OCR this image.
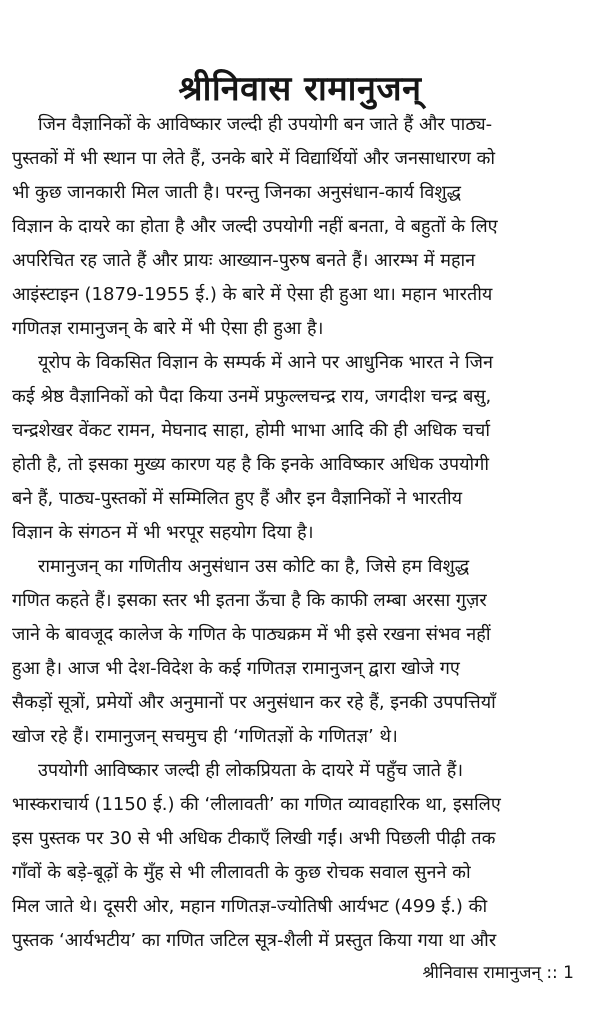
श्रीनिवास रामानुजन्
जिन वैज्ञानिकों के आविष्कार जल्दी ही उपयोगी बन जाते हैं और पाठ्य-
पुस्तकों में भी स्थान पा लेते हैं, उनके बारे में विद्यार्थियों और जनसाधारण को
भी कुछ जानकारी मिल जाती है। परन्तु जिनका अनुसंधान-कार्य विशुद्ध
विज्ञान के दायरे का होता है और जल्दी उपयोगी नहीं बनता, वे बहुतों के लिए
अपरिचित रह जाते हैं और प्रायः आख्यान-पुरुष बनते हैं। आरम्भ में महान
आइंस्टाइन (1879-1955 ई.) के बारे में ऐसा ही हुआ था। महान भारतीय
गणितज्ञ रामानुजन् के बारे में भी ऐसा ही हुआ है।
यूरोप के विकसित विज्ञान के सम्पर्क में आने पर आधुनिक भारत ने जिन
कई श्रेष्ठ वैज्ञानिकों को पैदा किया उनमें प्रफुल्लचन्द्र राय, जगदीश चन्द्र बसु,
चन्द्रशेखर वेंकट रामन, मेघनाद साहा, होमी भाभा आदि की ही अधिक चर्चा
होती है, तो इसका मुख्य कारण यह है कि इनके आविष्कार अधिक उपयोगी
बने हैं, पाठ्य-पुस्तकों में सम्मिलित हुए हैं और इन वैज्ञानिकों ने भारतीय
विज्ञान के संगठन में भी भरपूर सहयोग दिया है।
रामानुजन् का गणितीय अनुसंधान उस कोटि का है, जिसे हम विशुद्ध
गणित कहते हैं। इसका स्तर भी इतना ऊँचा है कि काफी लम्बा अरसा गुज़र
जाने के बावजूद कालेज के गणित के पाठ्यक्रम में भी इसे रखना संभव नहीं
हुआ है। आज भी देश-विदेश के कई गणितज्ञ रामानुजन् द्वारा खोजे गए
सैकड़ों सूत्रों, प्रमेयों और अनुमानों पर अनुसंधान कर रहे हैं, इनकी उपपत्तियाँ
खोज रहे हैं। रामानुजन् सचमुच ही ‘गणितज्ञों के गणितज्ञ’ थे।
उपयोगी आविष्कार जल्दी ही लोकप्रियता के दायरे में पहुँच जाते हैं।
भास्कराचार्य (1150 ई.) की ‘लीलावती’ का गणित व्यावहारिक था, इसलिए
इस पुस्तक पर 30 से भी अधिक टीकाएँ लिखी गईं। अभी पिछली पीढ़ी तक
गाँवों के बड़े-बूढ़ों के मुँह से भी लीलावती के कुछ रोचक सवाल सुनने को
मिल जाते थे। दूसरी ओर, महान गणितज्ञ-ज्योतिषी आर्यभट (499 ई.) की
पुस्तक ‘आर्यभटीय’ का गणित जटिल सूत्र-शैली में प्रस्तुत किया गया था और
श्रीनिवास रामानुजन् :: 1
